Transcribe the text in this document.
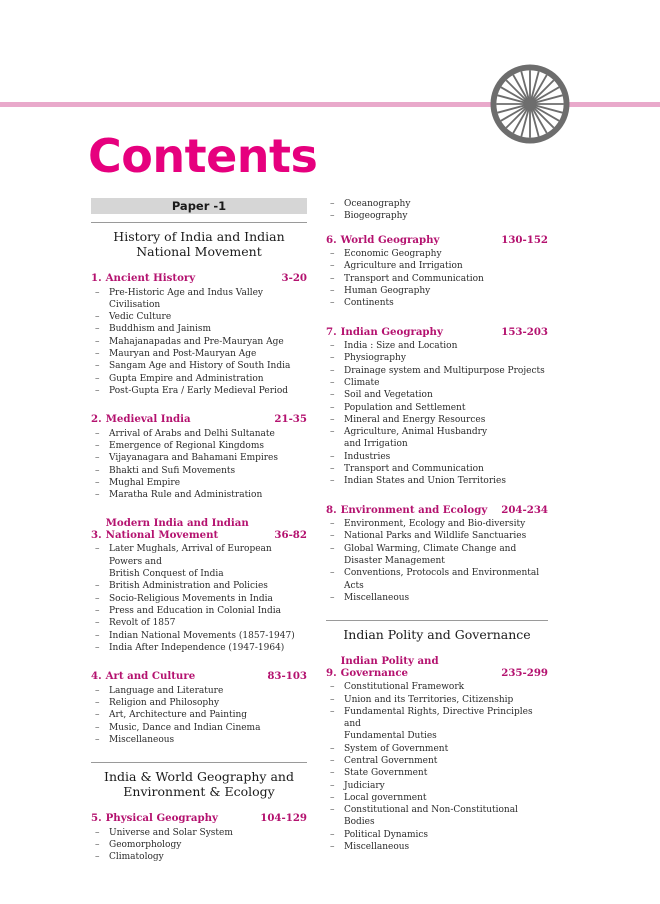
Contents
Paper -1
History of India and Indian National Movement
1. Ancient History	3-20
– Pre-Historic Age and Indus Valley Civilisation
– Vedic Culture
– Buddhism and Jainism
– Mahajanapadas and Pre-Mauryan Age
– Mauryan and Post-Mauryan Age
– Sangam Age and History of South India
– Gupta Empire and Administration
– Post-Gupta Era / Early Medieval Period
2. Medieval India	21-35
– Arrival of Arabs and Delhi Sultanate
– Emergence of Regional Kingdoms
– Vijayanagara and Bahamani Empires
– Bhakti and Sufi Movements
– Mughal Empire
– Maratha Rule and Administration
3.
Modern India and Indian
National Movement	36-82
– Later Mughals, Arrival of European Powers and
British Conquest of India
– British Administration and Policies
– Socio-Religious Movements in India
– Press and Education in Colonial India
– Revolt of 1857
– Indian National Movements (1857-1947)
– India After Independence (1947-1964)
4. Art and Culture	83-103
– Language and Literature
– Religion and Philosophy
– Art, Architecture and Painting
– Music, Dance and Indian Cinema
– Miscellaneous
India & World Geography and Environment & Ecology
5. Physical Geography	104-129
– Universe and Solar System
– Geomorphology
– Climatology
– Oceanography
– Biogeography
6. World Geography	130-152
– Economic Geography
– Agriculture and Irrigation
– Transport and Communication
– Human Geography
– Continents
7. Indian Geography	153-203
– India : Size and Location
– Physiography
– Drainage system and Multipurpose Projects
– Climate
– Soil and Vegetation
– Population and Settlement
– Mineral and Energy Resources
– Agriculture, Animal Husbandry
and Irrigation
– Industries
– Transport and Communication
– Indian States and Union Territories
8. Environment and Ecology	204-234
– Environment, Ecology and Bio-diversity
– National Parks and Wildlife Sanctuaries
– Global Warming, Climate Change and
Disaster Management
– Conventions, Protocols and Environmental Acts
– Miscellaneous
Indian Polity and Governance
9.
Indian Polity and Governance	235-299
– Constitutional Framework
– Union and its Territories, Citizenship
– Fundamental Rights, Directive Principles and
Fundamental Duties
– System of Government
– Central Government
– State Government
– Judiciary
– Local government
– Constitutional and Non-Constitutional Bodies
– Political Dynamics
– Miscellaneous
